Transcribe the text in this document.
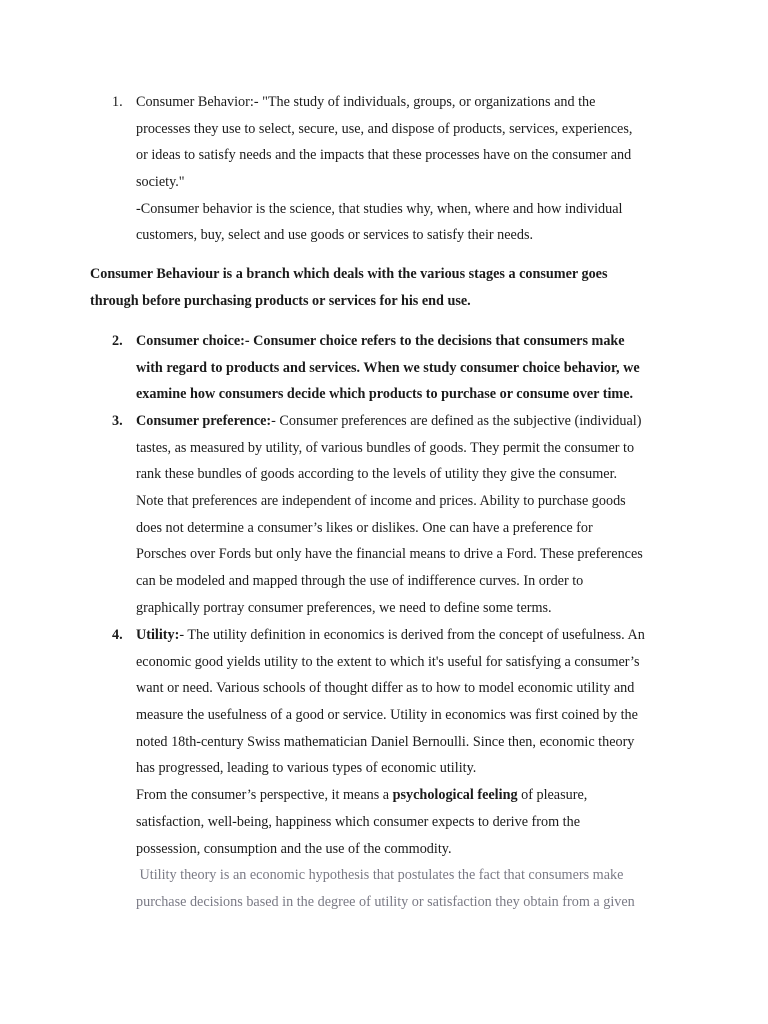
1. Consumer Behavior:- "The study of individuals, groups, or organizations and the
processes they use to select, secure, use, and dispose of products, services, experiences,
or ideas to satisfy needs and the impacts that these processes have on the consumer and
society."
-Consumer behavior is the science, that studies why, when, where and how individual
customers, buy, select and use goods or services to satisfy their needs.
Consumer Behaviour is a branch which deals with the various stages a consumer goes
through before purchasing products or services for his end use.
2. Consumer choice:- Consumer choice refers to the decisions that consumers make
with regard to products and services. When we study consumer choice behavior, we
examine how consumers decide which products to purchase or consume over time.
3. Consumer preference:- Consumer preferences are defined as the subjective (individual)
tastes, as measured by utility, of various bundles of goods. They permit the consumer to
rank these bundles of goods according to the levels of utility they give the consumer.
Note that preferences are independent of income and prices. Ability to purchase goods
does not determine a consumer’s likes or dislikes. One can have a preference for
Porsches over Fords but only have the financial means to drive a Ford. These preferences
can be modeled and mapped through the use of indifference curves. In order to
graphically portray consumer preferences, we need to define some terms.
4. Utility:- The utility definition in economics is derived from the concept of usefulness. An
economic good yields utility to the extent to which it's useful for satisfying a consumer’s
want or need. Various schools of thought differ as to how to model economic utility and
measure the usefulness of a good or service. Utility in economics was first coined by the
noted 18th-century Swiss mathematician Daniel Bernoulli. Since then, economic theory
has progressed, leading to various types of economic utility.
From the consumer’s perspective, it means a psychological feeling of pleasure,
satisfaction, well-being, happiness which consumer expects to derive from the
possession, consumption and the use of the commodity.
Utility theory is an economic hypothesis that postulates the fact that consumers make
purchase decisions based in the degree of utility or satisfaction they obtain from a given
